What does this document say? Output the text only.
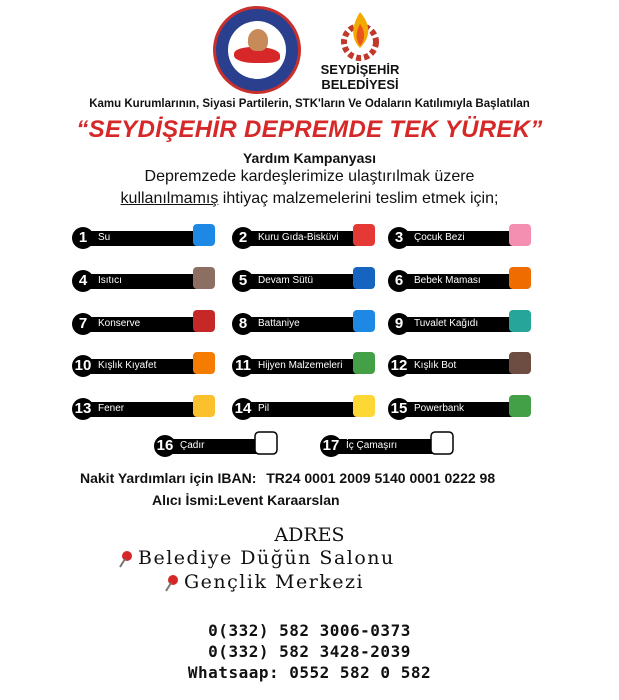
SEYDİŞEHİR
BELEDİYESİ
Kamu Kurumlarının, Siyasi Partilerin, STK'ların Ve Odaların Katılımıyla Başlatılan
“SEYDİŞEHİR DEPREMDE TEK YÜREK”
Yardım Kampanyası
Depremzede kardeşlerimize ulaştırılmak üzere
kullanılmamış ihtiyaç malzemelerini teslim etmek için;
1	Su	2	Kuru Gıda-Bisküvi	3	Çocuk Bezi
4	Isıtıcı	5	Devam Sütü	6	Bebek Maması
7	Konserve	8	Battaniye	9	Tuvalet Kağıdı
10 Kışlık Kıyafet	11 Hijyen Malzemeleri	12 Kışlık Bot
13 Fener	14 Pil	15 Powerbank
16 Çadır	17 İç Çamaşırı
Nakit Yardımları için IBAN: TR24 0001 2009 5140 0001 0222 98
Alıcı İsmi:Levent Karaarslan
ADRES
Belediye Düğün Salonu
Gençlik Merkezi
0(332) 582 3006-0373
0(332) 582 3428-2039
Whatsaap: 0552 582 0 582
